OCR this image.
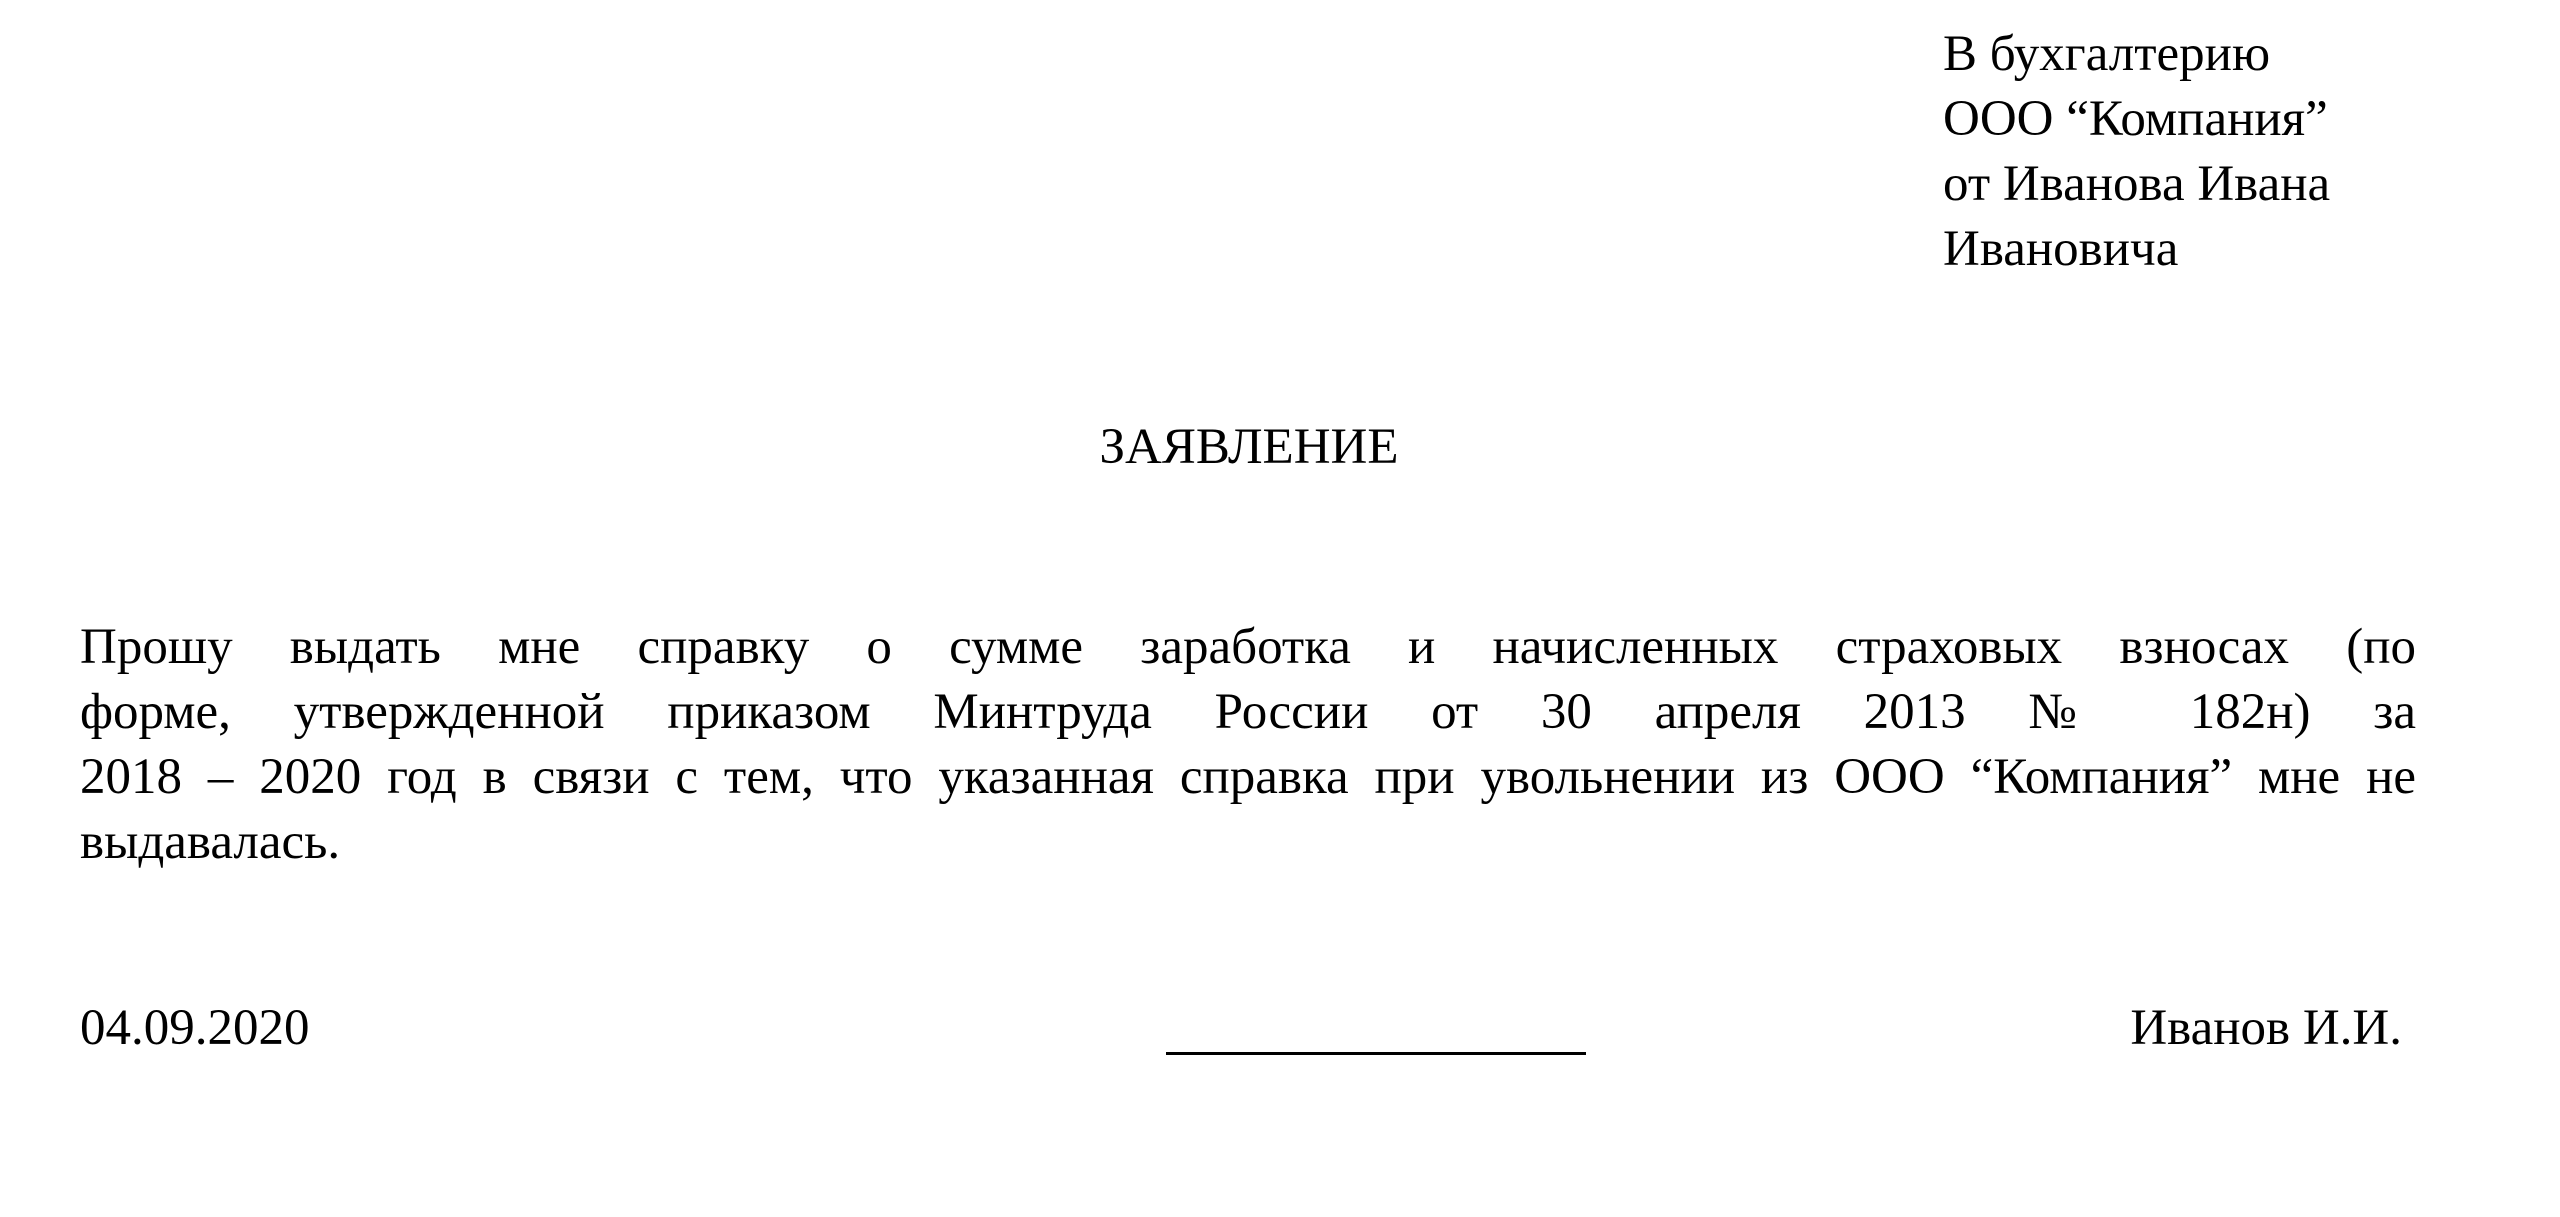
В бухгалтерию
ООО “Компания”
от Иванова Ивана
Ивановича
ЗАЯВЛЕНИЕ
Прошу выдать мне справку о сумме заработка и начисленных страховых взносах (по
форме, утвержденной приказом Минтруда России от 30 апреля 2013 № 182н) за
2018 – 2020 год в связи с тем, что указанная справка при увольнении из ООО “Компания” мне не
выдавалась.
04.09.2020	Иванов И.И.
